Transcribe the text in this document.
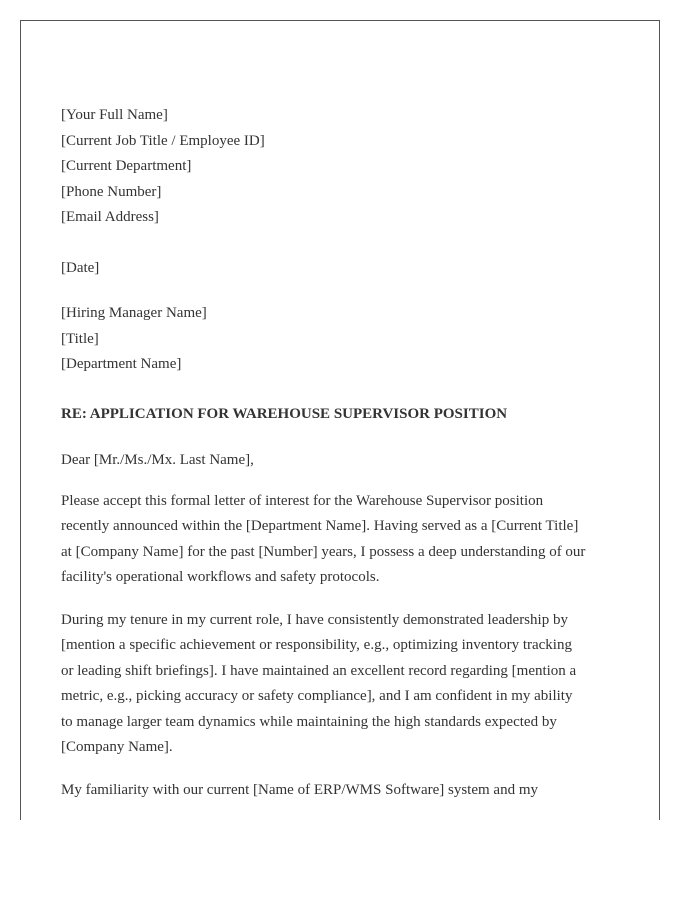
[Your Full Name]
[Current Job Title / Employee ID]
[Current Department]
[Phone Number]
[Email Address]
[Date]
[Hiring Manager Name]
[Title]
[Department Name]

RE: APPLICATION FOR WAREHOUSE SUPERVISOR POSITION

Dear [Mr./Ms./Mx. Last Name],

Please accept this formal letter of interest for the Warehouse Supervisor position
recently announced within the [Department Name]. Having served as a [Current Title]
at [Company Name] for the past [Number] years, I possess a deep understanding of our
facility's operational workflows and safety protocols.

During my tenure in my current role, I have consistently demonstrated leadership by
[mention a specific achievement or responsibility, e.g., optimizing inventory tracking
or leading shift briefings]. I have maintained an excellent record regarding [mention a
metric, e.g., picking accuracy or safety compliance], and I am confident in my ability
to manage larger team dynamics while maintaining the high standards expected by
[Company Name].

My familiarity with our current [Name of ERP/WMS Software] system and my
